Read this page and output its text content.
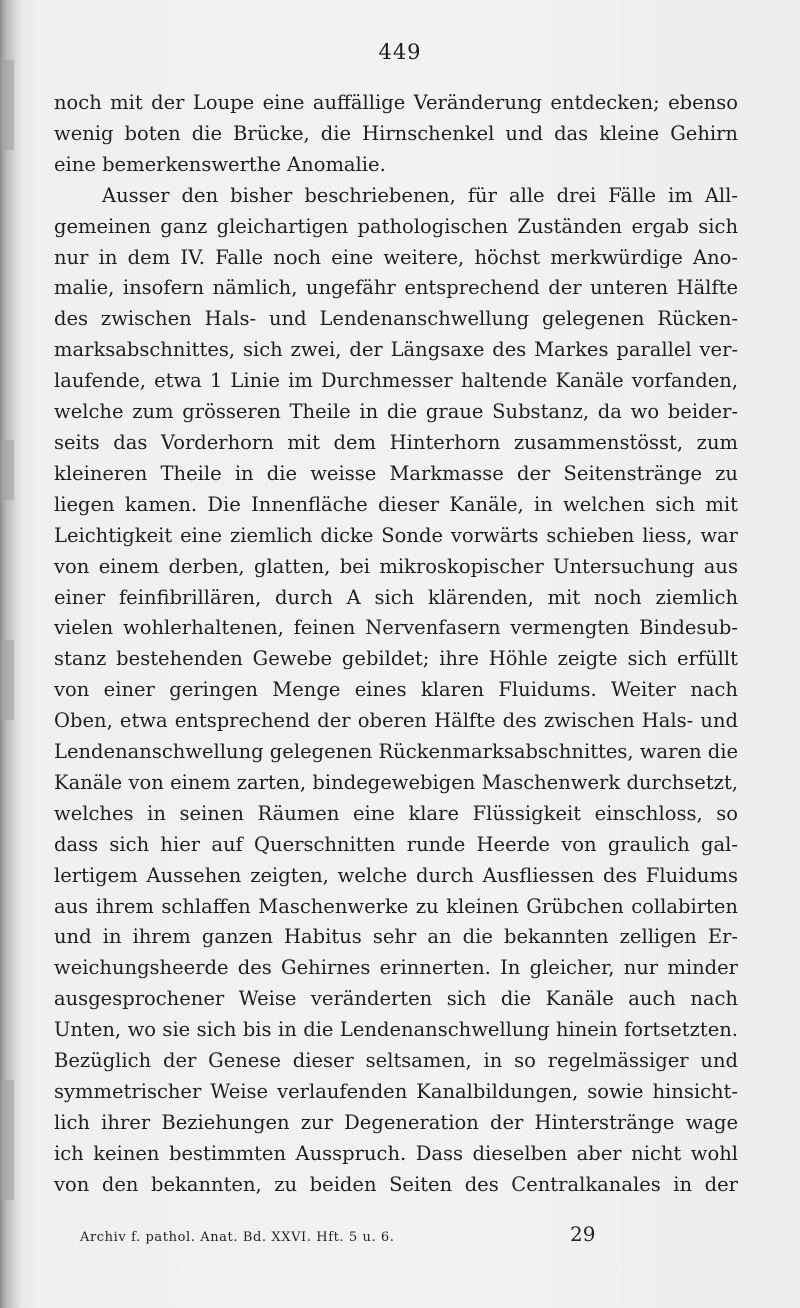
449
noch mit der Loupe eine auffällige Veränderung entdecken; ebenso
wenig boten die Brücke, die Hirnschenkel und das kleine Gehirn
eine bemerkenswerthe Anomalie.
Ausser den bisher beschriebenen, für alle drei Fälle im All-
gemeinen ganz gleichartigen pathologischen Zuständen ergab sich
nur in dem IV. Falle noch eine weitere, höchst merkwürdige Ano-
malie, insofern nämlich, ungefähr entsprechend der unteren Hälfte
des zwischen Hals- und Lendenanschwellung gelegenen Rücken-
marksabschnittes, sich zwei, der Längsaxe des Markes parallel ver-
laufende, etwa 1 Linie im Durchmesser haltende Kanäle vorfanden,
welche zum grösseren Theile in die graue Substanz, da wo beider-
seits das Vorderhorn mit dem Hinterhorn zusammenstösst, zum
kleineren Theile in die weisse Markmasse der Seitenstränge zu
liegen kamen. Die Innenfläche dieser Kanäle, in welchen sich mit
Leichtigkeit eine ziemlich dicke Sonde vorwärts schieben liess, war
von einem derben, glatten, bei mikroskopischer Untersuchung aus
einer feinfibrillären, durch A sich klärenden, mit noch ziemlich
vielen wohlerhaltenen, feinen Nervenfasern vermengten Bindesub-
stanz bestehenden Gewebe gebildet; ihre Höhle zeigte sich erfüllt
von einer geringen Menge eines klaren Fluidums. Weiter nach
Oben, etwa entsprechend der oberen Hälfte des zwischen Hals- und
Lendenanschwellung gelegenen Rückenmarksabschnittes, waren die
Kanäle von einem zarten, bindegewebigen Maschenwerk durchsetzt,
welches in seinen Räumen eine klare Flüssigkeit einschloss, so
dass sich hier auf Querschnitten runde Heerde von graulich gal-
lertigem Aussehen zeigten, welche durch Ausfliessen des Fluidums
aus ihrem schlaffen Maschenwerke zu kleinen Grübchen collabirten
und in ihrem ganzen Habitus sehr an die bekannten zelligen Er-
weichungsheerde des Gehirnes erinnerten. In gleicher, nur minder
ausgesprochener Weise veränderten sich die Kanäle auch nach
Unten, wo sie sich bis in die Lendenanschwellung hinein fortsetzten.
Bezüglich der Genese dieser seltsamen, in so regelmässiger und
symmetrischer Weise verlaufenden Kanalbildungen, sowie hinsicht-
lich ihrer Beziehungen zur Degeneration der Hinterstränge wage
ich keinen bestimmten Ausspruch. Dass dieselben aber nicht wohl
von den bekannten, zu beiden Seiten des Centralkanales in der
Archiv f. pathol. Anat. Bd. XXVI. Hft. 5 u. 6.	29
